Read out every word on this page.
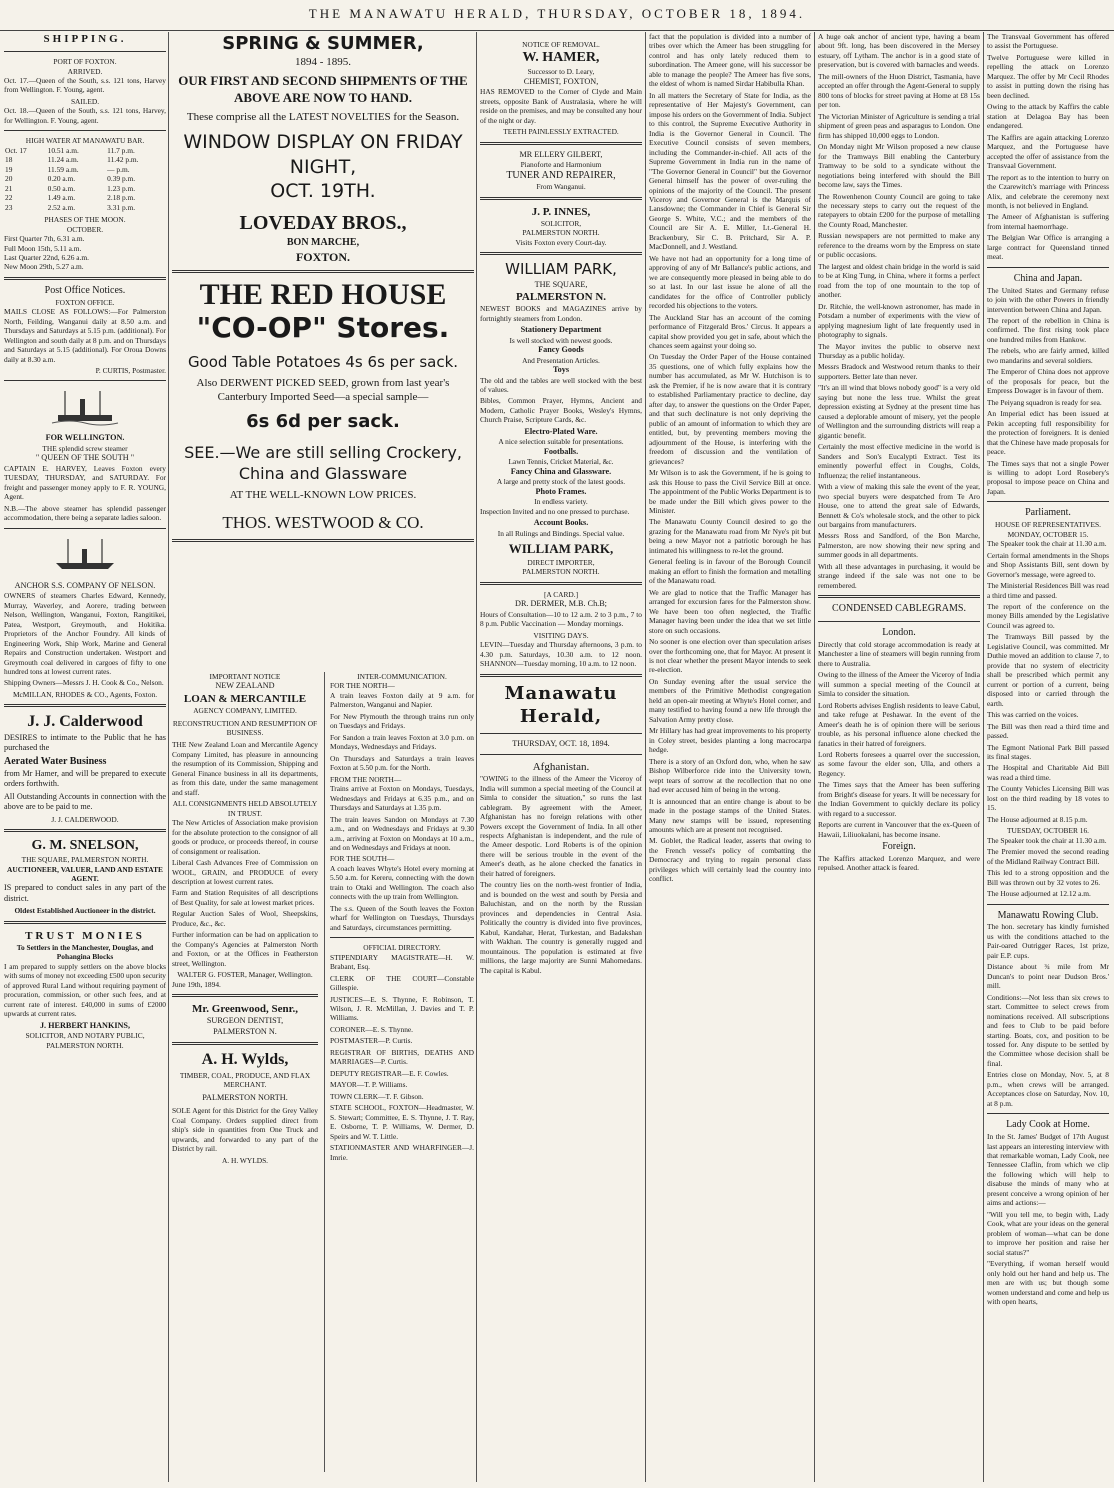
THE MANAWATU HERALD, THURSDAY, OCTOBER 18, 1894.
SHIPPING.
PORT OF FOXTON.
ARRIVED.

Oct. 17.—Queen of the South, s.s. 121 tons, Harvey from Wellington. F. Young, agent.

SAILED.

Oct. 18.—Queen of the South, s.s. 121 tons, Harvey, for Wellington. F. Young, agent.

HIGH WATER AT MANAWATU BAR.
Oct. 17	10.51 a.m.	11.7 p.m.
18	11.24 a.m.	11.42 p.m.
19	11.59 a.m.	— p.m.
20	0.20 a.m.	0.39 p.m.
21	0.50 a.m.	1.23 p.m.
22	1.49 a.m.	2.18 p.m.
23	2.52 a.m.	3.31 p.m.
PHASES OF THE MOON.
OCTOBER.
First Quarter 7th, 6.31 a.m.
Full Moon 15th, 5.11 a.m.
Last Quarter 22nd, 6.26 a.m.
New Moon 29th, 5.27 a.m.
Post Office Notices.
FOXTON OFFICE.

MAILS CLOSE AS FOLLOWS:—For Palmerston North, Feilding, Wanganui daily at 8.50 a.m. and Thursdays and Saturdays at 5.15 p.m. (additional). For Wellington and south daily at 8 p.m. and on Thursdays and Saturdays at 5.15 (additional). For Oroua Downs daily at 8.30 a.m.

P. CURTIS, Postmaster.
FOR WELLINGTON.
THE splendid screw steamer
" QUEEN OF THE SOUTH "

CAPTAIN E. HARVEY, Leaves Foxton every TUESDAY, THURSDAY, and SATURDAY. For freight and passenger money apply to F. R. YOUNG, Agent.

N.B.—The above steamer has splendid passenger accommodation, there being a separate ladies saloon.

ANCHOR S.S. COMPANY OF NELSON.

OWNERS of steamers Charles Edward, Kennedy, Murray, Waverley, and Aorere, trading between Nelson, Wellington, Wanganui, Foxton, Rangitikei, Patea, Westport, Greymouth, and Hokitika. Proprietors of the Anchor Foundry. All kinds of Engineering Work, Ship Work, Marine and General Repairs and Construction undertaken. Westport and Greymouth coal delivered in cargoes of fifty to one hundred tons at lowest current rates.

Shipping Owners—Messrs J. H. Cook & Co., Nelson.

McMILLAN, RHODES & CO., Agents, Foxton.
J. J. Calderwood

DESIRES to intimate to the Public that he has purchased the

Aerated Water Business

from Mr Hamer, and will be prepared to execute orders forthwith.

All Outstanding Accounts in connection with the above are to be paid to me.

J. J. CALDERWOOD.
G. M. SNELSON,
THE SQUARE, PALMERSTON NORTH.
AUCTIONEER, VALUER, LAND AND ESTATE AGENT.

IS prepared to conduct sales in any part of the district.

Oldest Established Auctioneer in the district.
TRUST MONIES
To Settlers in the Manchester, Douglas, and Pohangina Blocks

I am prepared to supply settlers on the above blocks with sums of money not exceeding £500 upon security of approved Rural Land without requiring payment of procuration, commission, or other such fees, and at current rate of interest. £40,000 in sums of £2000 upwards at current rates.

J. HERBERT HANKINS,
SOLICITOR, AND NOTARY PUBLIC, PALMERSTON NORTH.
SPRING & SUMMER,
1894 - 1895.
OUR FIRST AND SECOND SHIPMENTS OF THE ABOVE ARE NOW TO HAND.
These comprise all the LATEST NOVELTIES for the Season.
WINDOW DISPLAY ON FRIDAY NIGHT,
OCT. 19TH.
LOVEDAY BROS.,
BON MARCHE,
FOXTON.
THE RED HOUSE
"CO-OP" Stores.
Good Table Potatoes 4s 6s per sack.
Also DERWENT PICKED SEED, grown from last year's Canterbury Imported Seed—a special sample—
6s 6d per sack.
SEE.—We are still selling Crockery, China and Glassware
AT THE WELL-KNOWN LOW PRICES.
THOS. WESTWOOD & CO.
IMPORTANT NOTICE
NEW ZEALAND
LOAN & MERCANTILE
AGENCY COMPANY, LIMITED.
RECONSTRUCTION AND RESUMPTION OF BUSINESS.

THE New Zealand Loan and Mercantile Agency Company Limited, has pleasure in announcing the resumption of its Commission, Shipping and General Finance business in all its departments, as from this date, under the same management and staff.

ALL CONSIGNMENTS HELD ABSOLUTELY IN TRUST.

The New Articles of Association make provision for the absolute protection to the consignor of all goods or produce, or proceeds thereof, in course of consignment or realisation.

Liberal Cash Advances Free of Commission on WOOL, GRAIN, and PRODUCE of every description at lowest current rates.

Farm and Station Requisites of all descriptions of Best Quality, for sale at lowest market prices.

Regular Auction Sales of Wool, Sheepskins, Produce, &c., &c.

Further information can be had on application to the Company's Agencies at Palmerston North and Foxton, or at the Offices in Featherston street, Wellington.

WALTER G. FOSTER, Manager, Wellington.
June 19th, 1894.
Mr. Greenwood, Senr.,
SURGEON DENTIST,
PALMERSTON N.
A. H. Wylds,
TIMBER, COAL, PRODUCE, AND FLAX MERCHANT.
PALMERSTON NORTH.

SOLE Agent for this District for the Grey Valley Coal Company. Orders supplied direct from ship's side in quantities from One Truck and upwards, and forwarded to any part of the District by rail.

A. H. WYLDS.
INTER-COMMUNICATION.
FOR THE NORTH—

A train leaves Foxton daily at 9 a.m. for Palmerston, Wanganui and Napier.

For New Plymouth the through trains run only on Tuesdays and Fridays.

For Sandon a train leaves Foxton at 3.0 p.m. on Mondays, Wednesdays and Fridays.

On Thursdays and Saturdays a train leaves Foxton at 5.50 p.m. for the North.

FROM THE NORTH—

Trains arrive at Foxton on Mondays, Tuesdays, Wednesdays and Fridays at 6.35 p.m., and on Thursdays and Saturdays at 1.35 p.m.

The train leaves Sandon on Mondays at 7.30 a.m., and on Wednesdays and Fridays at 9.30 a.m., arriving at Foxton on Mondays at 10 a.m., and on Wednesdays and Fridays at noon.

FOR THE SOUTH—

A coach leaves Whyte's Hotel every morning at 5.50 a.m. for Kereru, connecting with the down train to Otaki and Wellington. The coach also connects with the up train from Wellington.

The s.s. Queen of the South leaves the Foxton wharf for Wellington on Tuesdays, Thursdays and Saturdays, circumstances permitting.

OFFICIAL DIRECTORY.

STIPENDIARY MAGISTRATE—H. W. Brabant, Esq.

CLERK OF THE COURT—Constable Gillespie.

JUSTICES—E. S. Thynne, F. Robinson, T. Wilson, J. R. McMillan, J. Davies and T. P. Williams.

CORONER—E. S. Thynne.

POSTMASTER—P. Curtis.

REGISTRAR OF BIRTHS, DEATHS AND MARRIAGES—P. Curtis.

DEPUTY REGISTRAR—E. F. Cowles.

MAYOR—T. P. Williams.

TOWN CLERK—T. F. Gibson.

STATE SCHOOL, FOXTON—Headmaster, W. S. Stewart; Committee, E. S. Thynne, J. T. Ray, E. Osborne, T. P. Williams, W. Dermer, D. Speirs and W. T. Little.

STATIONMASTER AND WHARFINGER—J. Imrie.

NOTICE OF REMOVAL.
W. HAMER,
Successor to D. Leary,
CHEMIST, FOXTON,

HAS REMOVED to the Corner of Clyde and Main streets, opposite Bank of Australasia, where he will reside on the premises, and may be consulted any hour of the night or day.

TEETH PAINLESSLY EXTRACTED.
MR ELLERY GILBERT,
Pianoforte and Harmonium
TUNER AND REPAIRER,
From Wanganui.
J. P. INNES,
SOLICITOR,
PALMERSTON NORTH.
Visits Foxton every Court-day.
WILLIAM PARK,
THE SQUARE,
PALMERSTON N.

NEWEST BOOKS and MAGAZINES arrive by fortnightly steamers from London.

Stationery Department
Is well stocked with newest goods.
Fancy Goods
And Presentation Articles.
Toys

The old and the tables are well stocked with the best of values.

Bibles, Common Prayer, Hymns, Ancient and Modern, Catholic Prayer Books, Wesley's Hymns, Church Praise, Scripture Cards, &c.

Electro-Plated Ware.
A nice selection suitable for presentations.
Footballs.
Lawn Tennis, Cricket Material, &c.
Fancy China and Glassware.
A large and pretty stock of the latest goods.
Photo Frames.
In endless variety.

Inspection Invited and no one pressed to purchase.

Account Books.
In all Rulings and Bindings. Special value.
WILLIAM PARK,
DIRECT IMPORTER,
PALMERSTON NORTH.
[A CARD.]
DR. DERMER, M.B. Ch.B;

Hours of Consultation—10 to 12 a.m. 2 to 3 p.m., 7 to 8 p.m. Public Vaccination — Monday mornings.

VISITING DAYS.

LEVIN—Tuesday and Thursday afternoons, 3 p.m. to 4.30 p.m. Saturdays, 10.30 a.m. to 12 noon. SHANNON—Tuesday morning, 10 a.m. to 12 noon.

Manawatu Herald,
THURSDAY, OCT. 18, 1894.
Afghanistan.

"OWING to the illness of the Ameer the Viceroy of India will summon a special meeting of the Council at Simla to consider the situation," so runs the last cablegram. By agreement with the Ameer, Afghanistan has no foreign relations with other Powers except the Government of India. In all other respects Afghanistan is independent, and the rule of the Ameer despotic. Lord Roberts is of the opinion there will be serious trouble in the event of the Ameer's death, as he alone checked the fanatics in their hatred of foreigners.

The country lies on the north-west frontier of India, and is bounded on the west and south by Persia and Baluchistan, and on the north by the Russian provinces and dependencies in Central Asia. Politically the country is divided into five provinces, Kabul, Kandahar, Herat, Turkestan, and Badakshan with Wakhan. The country is generally rugged and mountainous. The population is estimated at five millions, the large majority are Sunni Mahomedans. The capital is Kabul.

fact that the population is divided into a number of tribes over which the Ameer has been struggling for control and has only lately reduced them to subordination. The Ameer gone, will his successor be able to manage the people? The Ameer has five sons, the eldest of whom is named Sirdar Habibulla Khan.

In all matters the Secretary of State for India, as the representative of Her Majesty's Government, can impose his orders on the Government of India. Subject to this control, the Supreme Executive Authority in India is the Governor General in Council. The Executive Council consists of seven members, including the Commander-in-chief. All acts of the Supreme Government in India run in the name of "The Governor General in Council" but the Governor General himself has the power of over-ruling the opinions of the majority of the Council. The present Viceroy and Governor General is the Marquis of Lansdowne; the Commander in Chief is General Sir George S. White, V.C.; and the members of the Council are Sir A. E. Miller, Lt.-General H. Brackenbury, Sir C. B. Pritchard, Sir A. P. MacDonnell, and J. Westland.

We have not had an opportunity for a long time of approving of any of Mr Ballance's public actions, and we are consequently more pleased in being able to do so at last. In our last issue he alone of all the candidates for the office of Controller publicly recorded his objections to the voters.

The Auckland Star has an account of the coming performance of Fitzgerald Bros.' Circus. It appears a capital show provided you get in safe, about which the chances seem against your doing so.

On Tuesday the Order Paper of the House contained 35 questions, one of which fully explains how the number has accumulated, as Mr W. Hutchison is to ask the Premier, if he is now aware that it is contrary to established Parliamentary practice to decline, day after day, to answer the questions on the Order Paper, and that such declinature is not only depriving the public of an amount of information to which they are entitled, but, by preventing members moving the adjournment of the House, is interfering with the freedom of discussion and the ventilation of grievances?

Mr Wilson is to ask the Government, if he is going to ask this House to pass the Civil Service Bill at once. The appointment of the Public Works Department is to be made under the Bill which gives power to the Minister.

The Manawatu County Council desired to go the grazing for the Manawatu road from Mr Nye's pit but being a new Mayor not a patriotic borough he has intimated his willingness to re-let the ground.

General feeling is in favour of the Borough Council making an effort to finish the formation and metalling of the Manawatu road.

We are glad to notice that the Traffic Manager has arranged for excursion fares for the Palmerston show. We have been too often neglected, the Traffic Manager having been under the idea that we set little store on such occasions.

No sooner is one election over than speculation arises over the forthcoming one, that for Mayor. At present it is not clear whether the present Mayor intends to seek re-election.

On Sunday evening after the usual service the members of the Primitive Methodist congregation held an open-air meeting at Whyte's Hotel corner, and many testified to having found a new life through the Salvation Army pretty close.

Mr Hillary has had great improvements to his property in Coley street, besides planting a long macrocarpa hedge.

There is a story of an Oxford don, who, when he saw Bishop Wilberforce ride into the University town, wept tears of sorrow at the recollection that no one had ever accused him of being in the wrong.

It is announced that an entire change is about to be made in the postage stamps of the United States. Many new stamps will be issued, representing amounts which are at present not recognised.

M. Goblet, the Radical leader, asserts that owing to the French vessel's policy of combatting the Democracy and trying to regain personal class privileges which will certainly lead the country into conflict.

A huge oak anchor of ancient type, having a beam about 9ft. long, has been discovered in the Mersey estuary, off Lytham. The anchor is in a good state of preservation, but is covered with barnacles and weeds.

The mill-owners of the Huon District, Tasmania, have accepted an offer through the Agent-General to supply 800 tons of blocks for street paving at Home at £8 15s per ton.

The Victorian Minister of Agriculture is sending a trial shipment of green peas and asparagus to London. One firm has shipped 10,000 eggs to London.

On Monday night Mr Wilson proposed a new clause for the Tramways Bill enabling the Canterbury Tramway to be sold to a syndicate without the negotiations being interfered with should the Bill become law, says the Times.

The Rowenhenon County Council are going to take the necessary steps to carry out the request of the ratepayers to obtain £200 for the purpose of metalling the County Road, Manchester.

Russian newspapers are not permitted to make any reference to the dreams worn by the Empress on state or public occasions.

The largest and oldest chain bridge in the world is said to be at King Tung, in China, where it forms a perfect road from the top of one mountain to the top of another.

Dr. Ritchie, the well-known astronomer, has made in Potsdam a number of experiments with the view of applying magnesium light of late frequently used in photography to signals.

The Mayor invites the public to observe next Thursday as a public holiday.

Messrs Bradock and Westwood return thanks to their supporters. Better late than never.

"It's an ill wind that blows nobody good" is a very old saying but none the less true. Whilst the great depression existing at Sydney at the present time has caused a deplorable amount of misery, yet the people of Wellington and the surrounding districts will reap a gigantic benefit.

Certainly the most effective medicine in the world is Sanders and Son's Eucalypti Extract. Test its eminently powerful effect in Coughs, Colds, Influenza; the relief instantaneous.

With a view of making this sale the event of the year, two special buyers were despatched from Te Aro House, one to attend the great sale of Edwards, Bennett & Co's wholesale stock, and the other to pick out bargains from manufacturers.

Messrs Ross and Sandford, of the Bon Marche, Palmerston, are now showing their new spring and summer goods in all departments.

With all these advantages in purchasing, it would be strange indeed if the sale was not one to be remembered.

CONDENSED CABLEGRAMS.
London.

Directly that cold storage accommodation is ready at Manchester a line of steamers will begin running from there to Australia.

Owing to the illness of the Ameer the Viceroy of India will summon a special meeting of the Council at Simla to consider the situation.

Lord Roberts advises English residents to leave Cabul, and take refuge at Peshawar. In the event of the Ameer's death he is of opinion there will be serious trouble, as his personal influence alone checked the fanatics in their hatred of foreigners.

Lord Roberts foresees a quarrel over the succession, as some favour the elder son, Ulla, and others a Regency.

The Times says that the Ameer has been suffering from Bright's disease for years. It will be necessary for the Indian Government to quickly declare its policy with regard to a successor.

Reports are current in Vancouver that the ex-Queen of Hawaii, Liliuokalani, has become insane.

Foreign.

The Kaffirs attacked Lorenzo Marquez, and were repulsed. Another attack is feared.

The Transvaal Government has offered to assist the Portuguese.

Twelve Portuguese were killed in repelling the attack on Lorenzo Marquez. The offer by Mr Cecil Rhodes to assist in putting down the rising has been declined.

Owing to the attack by Kaffirs the cable station at Delagoa Bay has been endangered.

The Kaffirs are again attacking Lorenzo Marquez, and the Portuguese have accepted the offer of assistance from the Transvaal Government.

The report as to the intention to hurry on the Czarewitch's marriage with Princess Alix, and celebrate the ceremony next month, is not believed in England.

The Ameer of Afghanistan is suffering from internal haemorrhage.

The Belgian War Office is arranging a large contract for Queensland tinned meat.

China and Japan.

The United States and Germany refuse to join with the other Powers in friendly intervention between China and Japan.

The report of the rebellion in China is confirmed. The first rising took place one hundred miles from Hankow.

The rebels, who are fairly armed, killed two mandarins and several soldiers.

The Emperor of China does not approve of the proposals for peace, but the Empress Dowager is in favour of them.

The Peiyang squadron is ready for sea.

An Imperial edict has been issued at Pekin accepting full responsibility for the protection of foreigners. It is denied that the Chinese have made proposals for peace.

The Times says that not a single Power is willing to adopt Lord Rosebery's proposal to impose peace on China and Japan.

Parliament.
HOUSE OF REPRESENTATIVES.
MONDAY, OCTOBER 15.

The Speaker took the chair at 11.30 a.m.

Certain formal amendments in the Shops and Shop Assistants Bill, sent down by Governor's message, were agreed to.

The Ministerial Residences Bill was read a third time and passed.

The report of the conference on the money Bills amended by the Legislative Council was agreed to.

The Tramways Bill passed by the Legislative Council, was committed. Mr Duthie moved an addition to clause 7, to provide that no system of electricity shall be prescribed which permit any current or portion of a current, being disposed into or carried through the earth.

This was carried on the voices.

The Bill was then read a third time and passed.

The Egmont National Park Bill passed its final stages.

The Hospital and Charitable Aid Bill was read a third time.

The County Vehicles Licensing Bill was lost on the third reading by 18 votes to 15.

The House adjourned at 8.15 p.m.

TUESDAY, OCTOBER 16.

The Speaker took the chair at 11.30 a.m.

The Premier moved the second reading of the Midland Railway Contract Bill.

This led to a strong opposition and the Bill was thrown out by 32 votes to 26.

The House adjourned at 12.12 a.m.

Manawatu Rowing Club.

The hon. secretary has kindly furnished us with the conditions attached to the Pair-oared Outrigger Races, 1st prize, pair E.P. cups.

Distance about ¾ mile from Mr Duncan's to point near Dudson Bros.' mill.

Conditions:—Not less than six crews to start. Committee to select crews from nominations received. All subscriptions and fees to Club to be paid before starting. Boats, cox, and position to be tossed for. Any dispute to be settled by the Committee whose decision shall be final.

Entries close on Monday, Nov. 5, at 8 p.m., when crews will be arranged. Acceptances close on Saturday, Nov. 10, at 8 p.m.

Lady Cook at Home.

In the St. James' Budget of 17th August last appears an interesting interview with that remarkable woman, Lady Cook, nee Tennessee Claflin, from which we clip the following which will help to disabuse the minds of many who at present conceive a wrong opinion of her aims and actions:—

"Will you tell me, to begin with, Lady Cook, what are your ideas on the general problem of woman—what can be done to improve her position and raise her social status?"

"Everything, if woman herself would only hold out her hand and help us. The men are with us; but though some women understand and come and help us with open hearts,
